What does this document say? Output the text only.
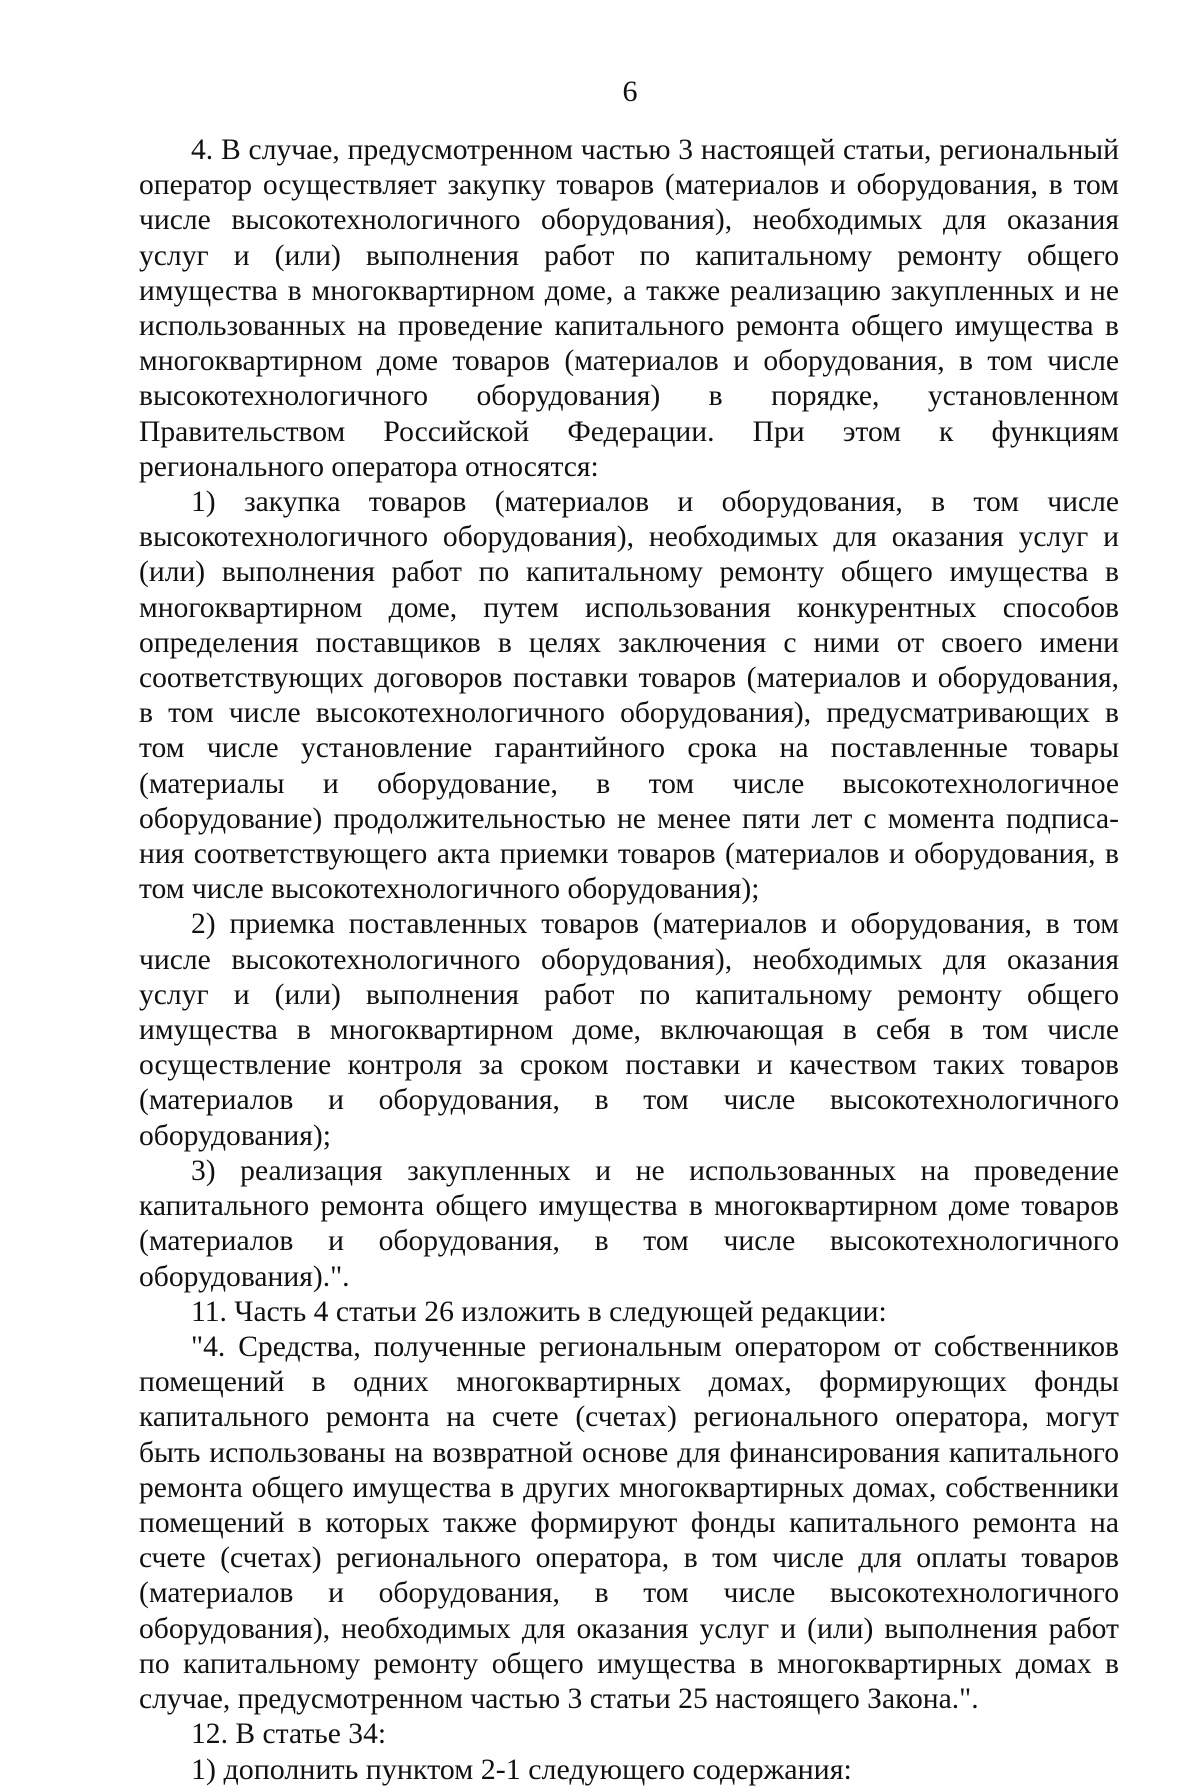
6

4. В случае, предусмотренном частью 3 настоящей статьи, региональный оператор осуществляет закупку товаров (материалов и оборудования, в том числе высокотехнологичного оборудования), необходимых для оказания услуг и (или) выполнения работ по капитальному ремонту общего имущества в многоквартирном доме, а также реализацию закупленных и не использованных на проведение капитального ремонта общего имущества в многоквартирном доме товаров (материалов и оборудования, в том числе высокотехнологичного оборудования) в порядке, установленном Правительством Российской Федерации. При этом к функциям регионального оператора относятся:

1) закупка товаров (материалов и оборудования, в том числе высокотехнологичного оборудования), необходимых для оказания услуг и (или) выполнения работ по капитальному ремонту общего имущества в многоквартирном доме, путем использования конкурентных способов определения поставщиков в целях заключения с ними от своего имени соответствующих договоров поставки товаров (материалов и оборудования, в том числе высокотехнологичного оборудования), предусматривающих в том числе установление гарантийного срока на поставленные товары (материалы и оборудование, в том числе высокотехнологичное оборудование) продолжительностью не менее пяти лет с момента подписания соответствующего акта приемки товаров (материалов и оборудования, в том числе высокотехнологичного оборудования);

2) приемка поставленных товаров (материалов и оборудования, в том числе высокотехнологичного оборудования), необходимых для оказания услуг и (или) выполнения работ по капитальному ремонту общего имущества в многоквартирном доме, включающая в себя в том числе осуществление контроля за сроком поставки и качеством таких товаров (материалов и оборудования, в том числе высокотехнологичного оборудования);

3) реализация закупленных и не использованных на проведение капитального ремонта общего имущества в многоквартирном доме товаров (материалов и оборудования, в том числе высокотехнологичного оборудования).".

11. Часть 4 статьи 26 изложить в следующей редакции:

"4. Средства, полученные региональным оператором от собственников помещений в одних многоквартирных домах, формирующих фонды капитального ремонта на счете (счетах) регионального оператора, могут быть использованы на возвратной основе для финансирования капитального ремонта общего имущества в других многоквартирных домах, собственники помещений в которых также формируют фонды капитального ремонта на счете (счетах) регионального оператора, в том числе для оплаты товаров (материалов и оборудования, в том числе высокотехнологичного оборудования), необходимых для оказания услуг и (или) выполнения работ по капитальному ремонту общего имущества в многоквартирных домах в случае, предусмотренном частью 3 статьи 25 настоящего Закона.".

12. В статье 34:

1) дополнить пунктом 2-1 следующего содержания:
